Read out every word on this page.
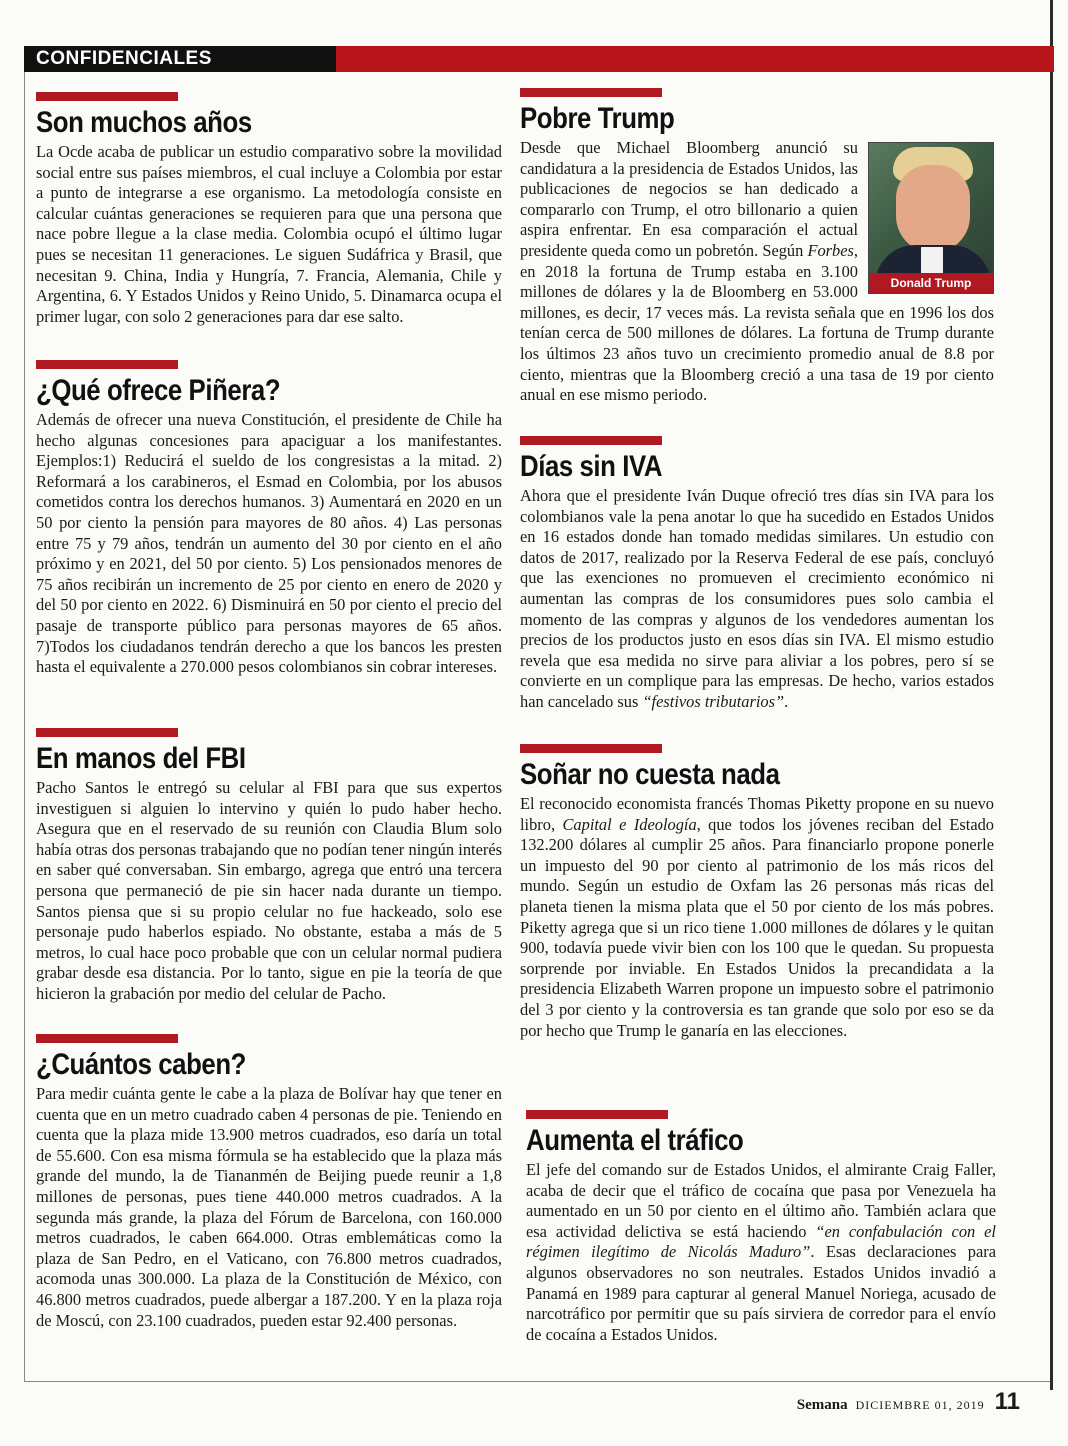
CONFIDENCIALES
Son muchos años

La Ocde acaba de publicar un estudio comparativo sobre la movilidad social entre sus países miembros, el cual incluye a Colombia por estar a punto de integrarse a ese organismo. La metodología consiste en calcular cuántas generaciones se requieren para que una persona que nace pobre llegue a la clase media. Colombia ocupó el último lugar pues se necesitan 11 generaciones. Le siguen Sudáfrica y Brasil, que necesitan 9. China, India y Hungría, 7. Francia, Alemania, Chile y Argentina, 6. Y Estados Unidos y Reino Unido, 5. Dinamarca ocupa el primer lugar, con solo 2 generaciones para dar ese salto.

¿Qué ofrece Piñera?

Además de ofrecer una nueva Constitución, el presidente de Chile ha hecho algunas concesiones para apaciguar a los manifestantes. Ejemplos:1) Reducirá el sueldo de los congresistas a la mitad. 2) Reformará a los carabineros, el Esmad en Colombia, por los abusos cometidos contra los derechos humanos. 3) Aumentará en 2020 en un 50 por ciento la pensión para mayores de 80 años. 4) Las personas entre 75 y 79 años, tendrán un aumento del 30 por ciento en el año próximo y en 2021, del 50 por ciento. 5) Los pensionados menores de 75 años recibirán un incremento de 25 por ciento en enero de 2020 y del 50 por ciento en 2022. 6) Disminuirá en 50 por ciento el precio del pasaje de transporte público para personas mayores de 65 años. 7)Todos los ciudadanos tendrán derecho a que los bancos les presten hasta el equivalente a 270.000 pesos colombianos sin cobrar intereses.

En manos del FBI

Pacho Santos le entregó su celular al FBI para que sus expertos investiguen si alguien lo intervino y quién lo pudo haber hecho. Asegura que en el reservado de su reunión con Claudia Blum solo había otras dos personas trabajando que no podían tener ningún interés en saber qué conversaban. Sin embargo, agrega que entró una tercera persona que permaneció de pie sin hacer nada durante un tiempo. Santos piensa que si su propio celular no fue hackeado, solo ese personaje pudo haberlos espiado. No obstante, estaba a más de 5 metros, lo cual hace poco probable que con un celular normal pudiera grabar desde esa distancia. Por lo tanto, sigue en pie la teoría de que hicieron la grabación por medio del celular de Pacho.

¿Cuántos caben?

Para medir cuánta gente le cabe a la plaza de Bolívar hay que tener en cuenta que en un metro cuadrado caben 4 personas de pie. Teniendo en cuenta que la plaza mide 13.900 metros cuadrados, eso daría un total de 55.600. Con esa misma fórmula se ha establecido que la plaza más grande del mundo, la de Tiananmén de Beijing puede reunir a 1,8 millones de personas, pues tiene 440.000 metros cuadrados. A la segunda más grande, la plaza del Fórum de Barcelona, con 160.000 metros cuadrados, le caben 664.000. Otras emblemáticas como la plaza de San Pedro, en el Vaticano, con 76.800 metros cuadrados, acomoda unas 300.000. La plaza de la Constitución de México, con 46.800 metros cuadrados, puede albergar a 187.200. Y en la plaza roja de Moscú, con 23.100 cuadrados, pueden estar 92.400 personas.

Pobre Trump

Donald Trump
Desde que Michael Bloomberg anunció su candidatura a la presidencia de Estados Unidos, las publicaciones de negocios se han dedicado a compararlo con Trump, el otro billonario a quien aspira enfrentar. En esa comparación el actual presidente queda como un pobretón. Según Forbes, en 2018 la fortuna de Trump estaba en 3.100 millones de dólares y la de Bloomberg en 53.000 millones, es decir, 17 veces más. La revista señala que en 1996 los dos tenían cerca de 500 millones de dólares. La fortuna de Trump durante los últimos 23 años tuvo un crecimiento promedio anual de 8.8 por ciento, mientras que la Bloomberg creció a una tasa de 19 por ciento anual en ese mismo periodo.

Días sin IVA

Ahora que el presidente Iván Duque ofreció tres días sin IVA para los colombianos vale la pena anotar lo que ha sucedido en Estados Unidos en 16 estados donde han tomado medidas similares. Un estudio con datos de 2017, realizado por la Reserva Federal de ese país, concluyó que las exenciones no promueven el crecimiento económico ni aumentan las compras de los consumidores pues solo cambia el momento de las compras y algunos de los vendedores aumentan los precios de los productos justo en esos días sin IVA. El mismo estudio revela que esa medida no sirve para aliviar a los pobres, pero sí se convierte en un complique para las empresas. De hecho, varios estados han cancelado sus “festivos tributarios”.

Soñar no cuesta nada

El reconocido economista francés Thomas Piketty propone en su nuevo libro, Capital e Ideología, que todos los jóvenes reciban del Estado 132.200 dólares al cumplir 25 años. Para financiarlo propone ponerle un impuesto del 90 por ciento al patrimonio de los más ricos del mundo. Según un estudio de Oxfam las 26 personas más ricas del planeta tienen la misma plata que el 50 por ciento de los más pobres. Piketty agrega que si un rico tiene 1.000 millones de dólares y le quitan 900, todavía puede vivir bien con los 100 que le quedan. Su propuesta sorprende por inviable. En Estados Unidos la precandidata a la presidencia Elizabeth Warren propone un impuesto sobre el patrimonio del 3 por ciento y la controversia es tan grande que solo por eso se da por hecho que Trump le ganaría en las elecciones.

Aumenta el tráfico

El jefe del comando sur de Estados Unidos, el almirante Craig Faller, acaba de decir que el tráfico de cocaína que pasa por Venezuela ha aumentado en un 50 por ciento en el último año. También aclara que esa actividad delictiva se está haciendo “en confabulación con el régimen ilegítimo de Nicolás Maduro”. Esas declaraciones para algunos observadores no son neutrales. Estados Unidos invadió a Panamá en 1989 para capturar al general Manuel Noriega, acusado de narcotráfico por permitir que su país sirviera de corredor para el envío de cocaína a Estados Unidos.

Semana DICIEMBRE 01, 2019 11
